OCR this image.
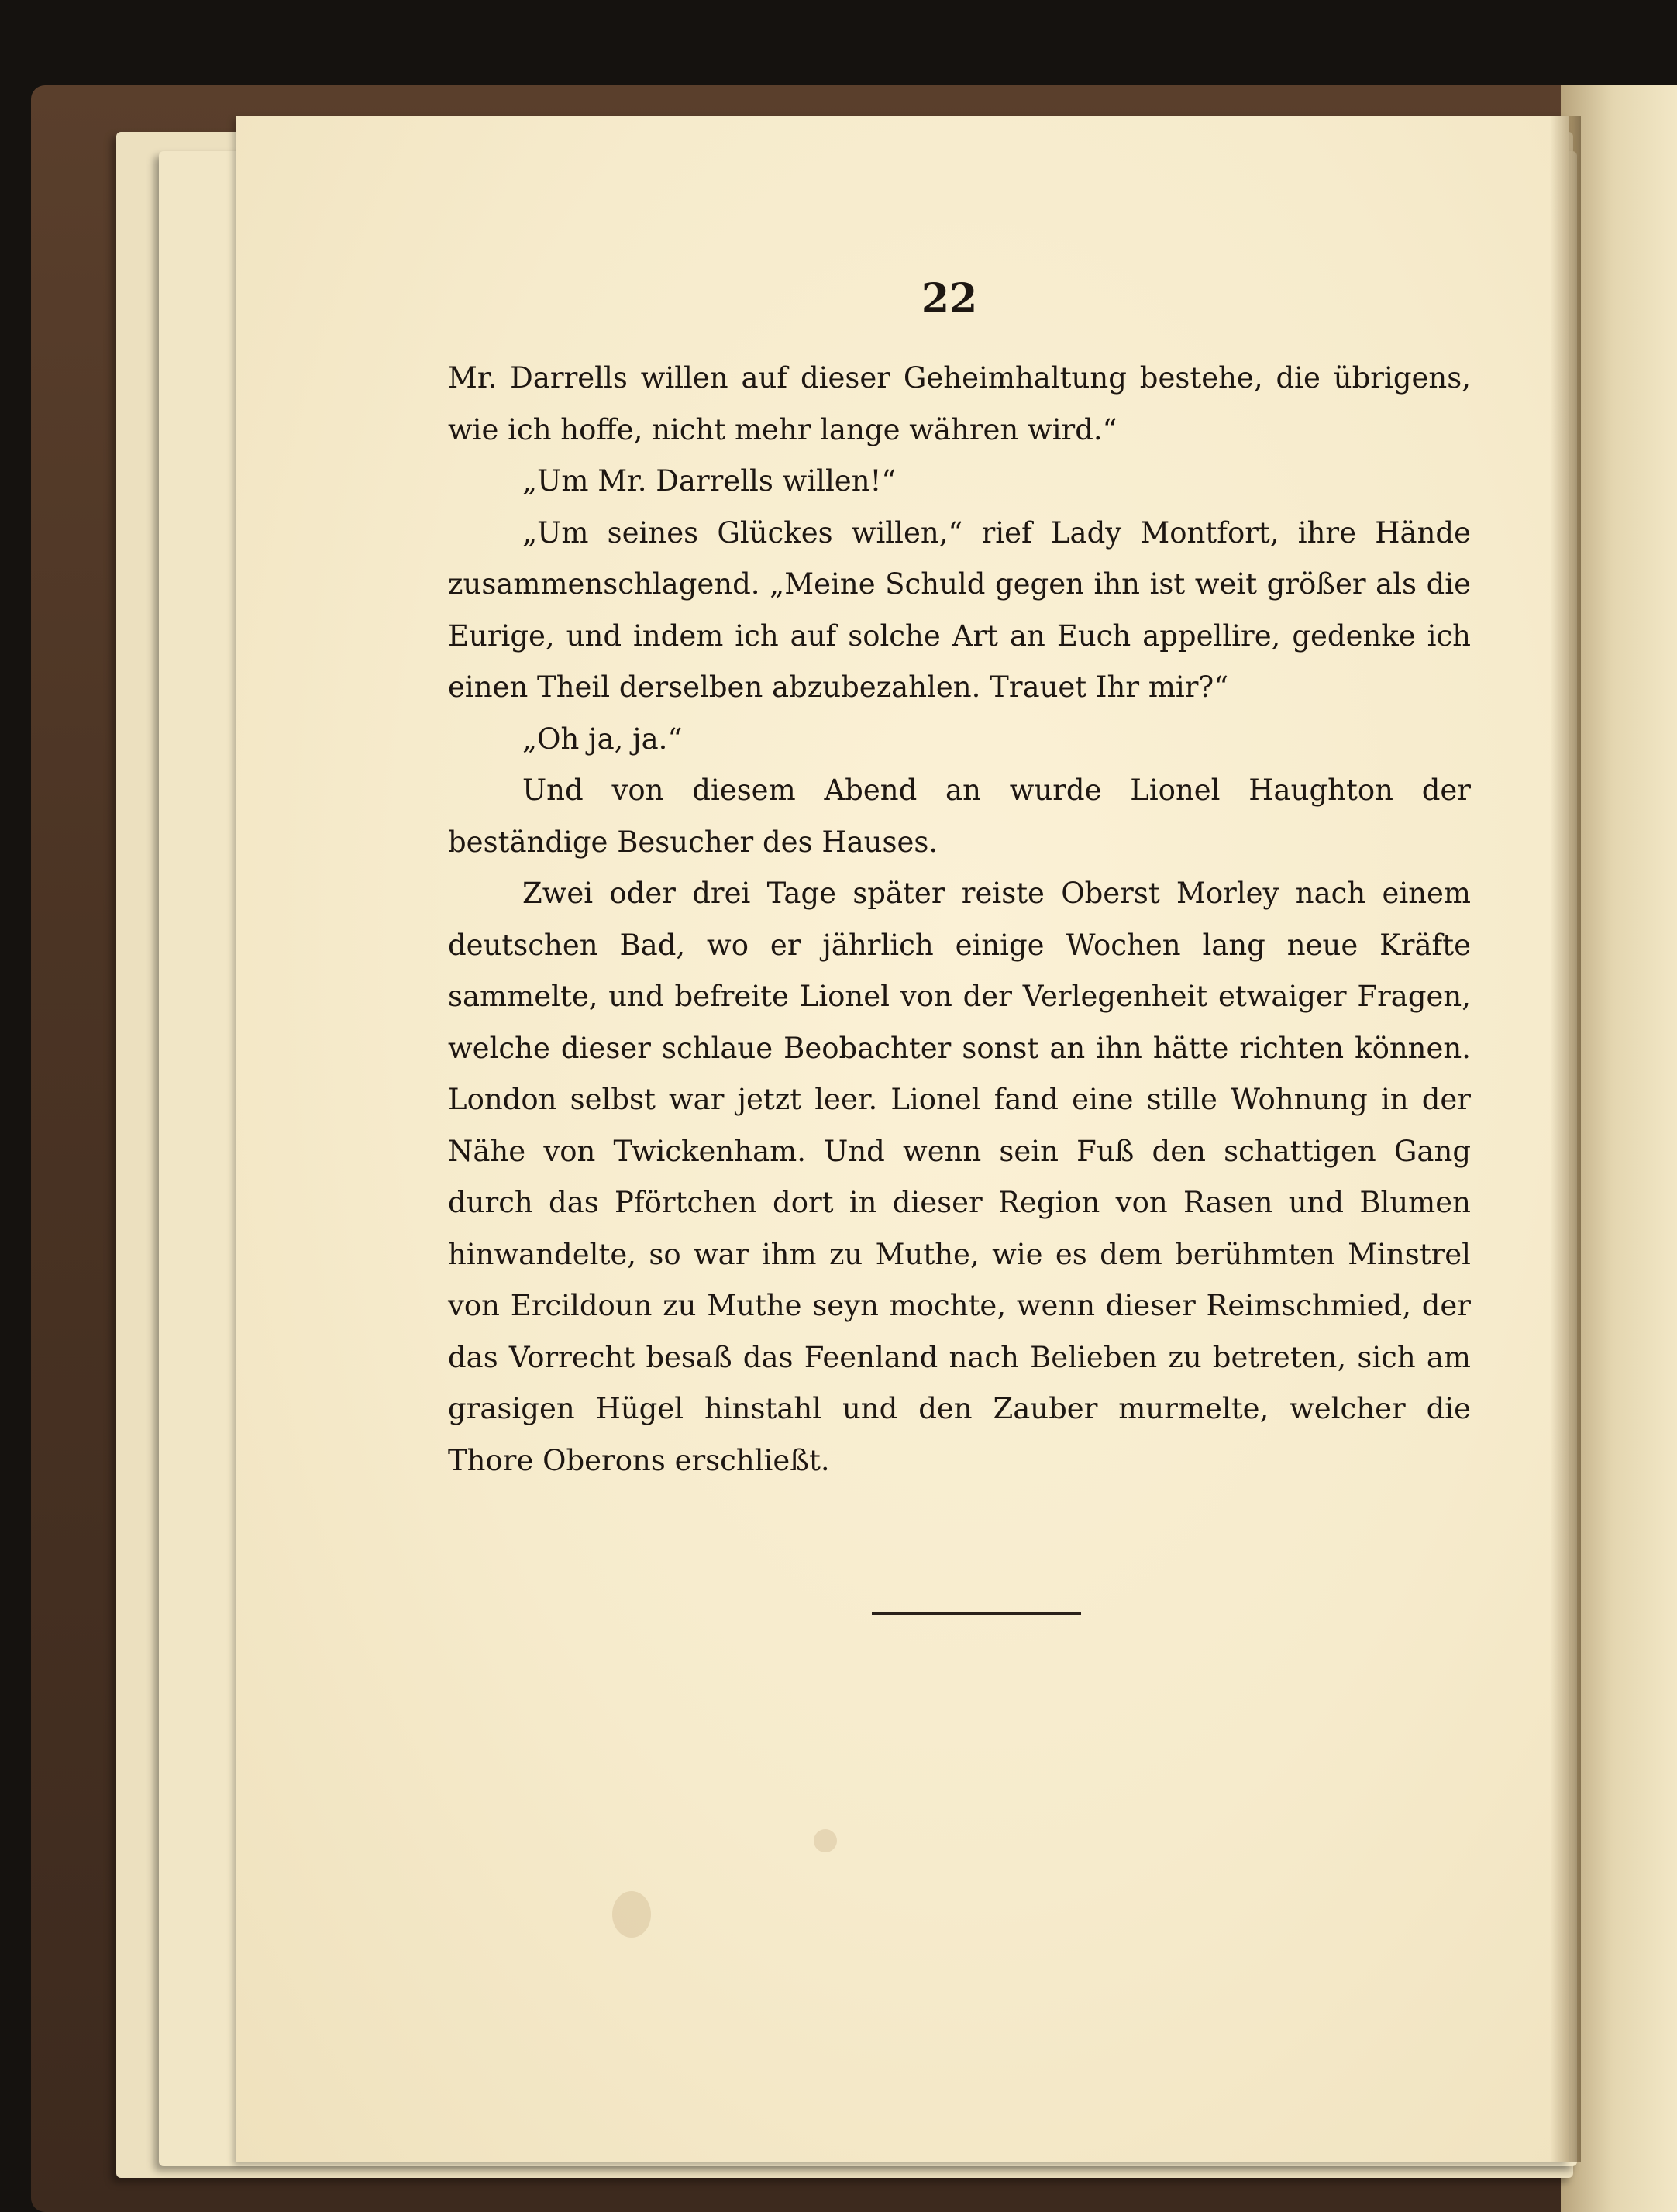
22

Mr. Darrells willen auf dieser Geheimhaltung bestehe, die übrigens, wie ich hoffe, nicht mehr lange währen wird.“

„Um Mr. Darrells willen!“

„Um seines Glückes willen,“ rief Lady Montfort, ihre Hände zusammenschlagend. „Meine Schuld gegen ihn ist weit größer als die Eurige, und indem ich auf solche Art an Euch appellire, gedenke ich einen Theil derselben abzubezahlen. Trauet Ihr mir?“

„Oh ja, ja.“

Und von diesem Abend an wurde Lionel Haughton der beständige Besucher des Hauses.

Zwei oder drei Tage später reiste Oberst Morley nach einem deutschen Bad, wo er jährlich einige Wochen lang neue Kräfte sammelte, und befreite Lionel von der Verlegenheit etwaiger Fragen, welche dieser schlaue Beobachter sonst an ihn hätte richten können. London selbst war jetzt leer. Lionel fand eine stille Wohnung in der Nähe von Twickenham. Und wenn sein Fuß den schattigen Gang durch das Pförtchen dort in dieser Region von Rasen und Blumen hinwandelte, so war ihm zu Muthe, wie es dem berühmten Minstrel von Ercildoun zu Muthe seyn mochte, wenn dieser Reimschmied, der das Vorrecht besaß das Feenland nach Belieben zu betreten, sich am grasigen Hügel hinstahl und den Zauber murmelte, welcher die Thore Oberons erschließt.
